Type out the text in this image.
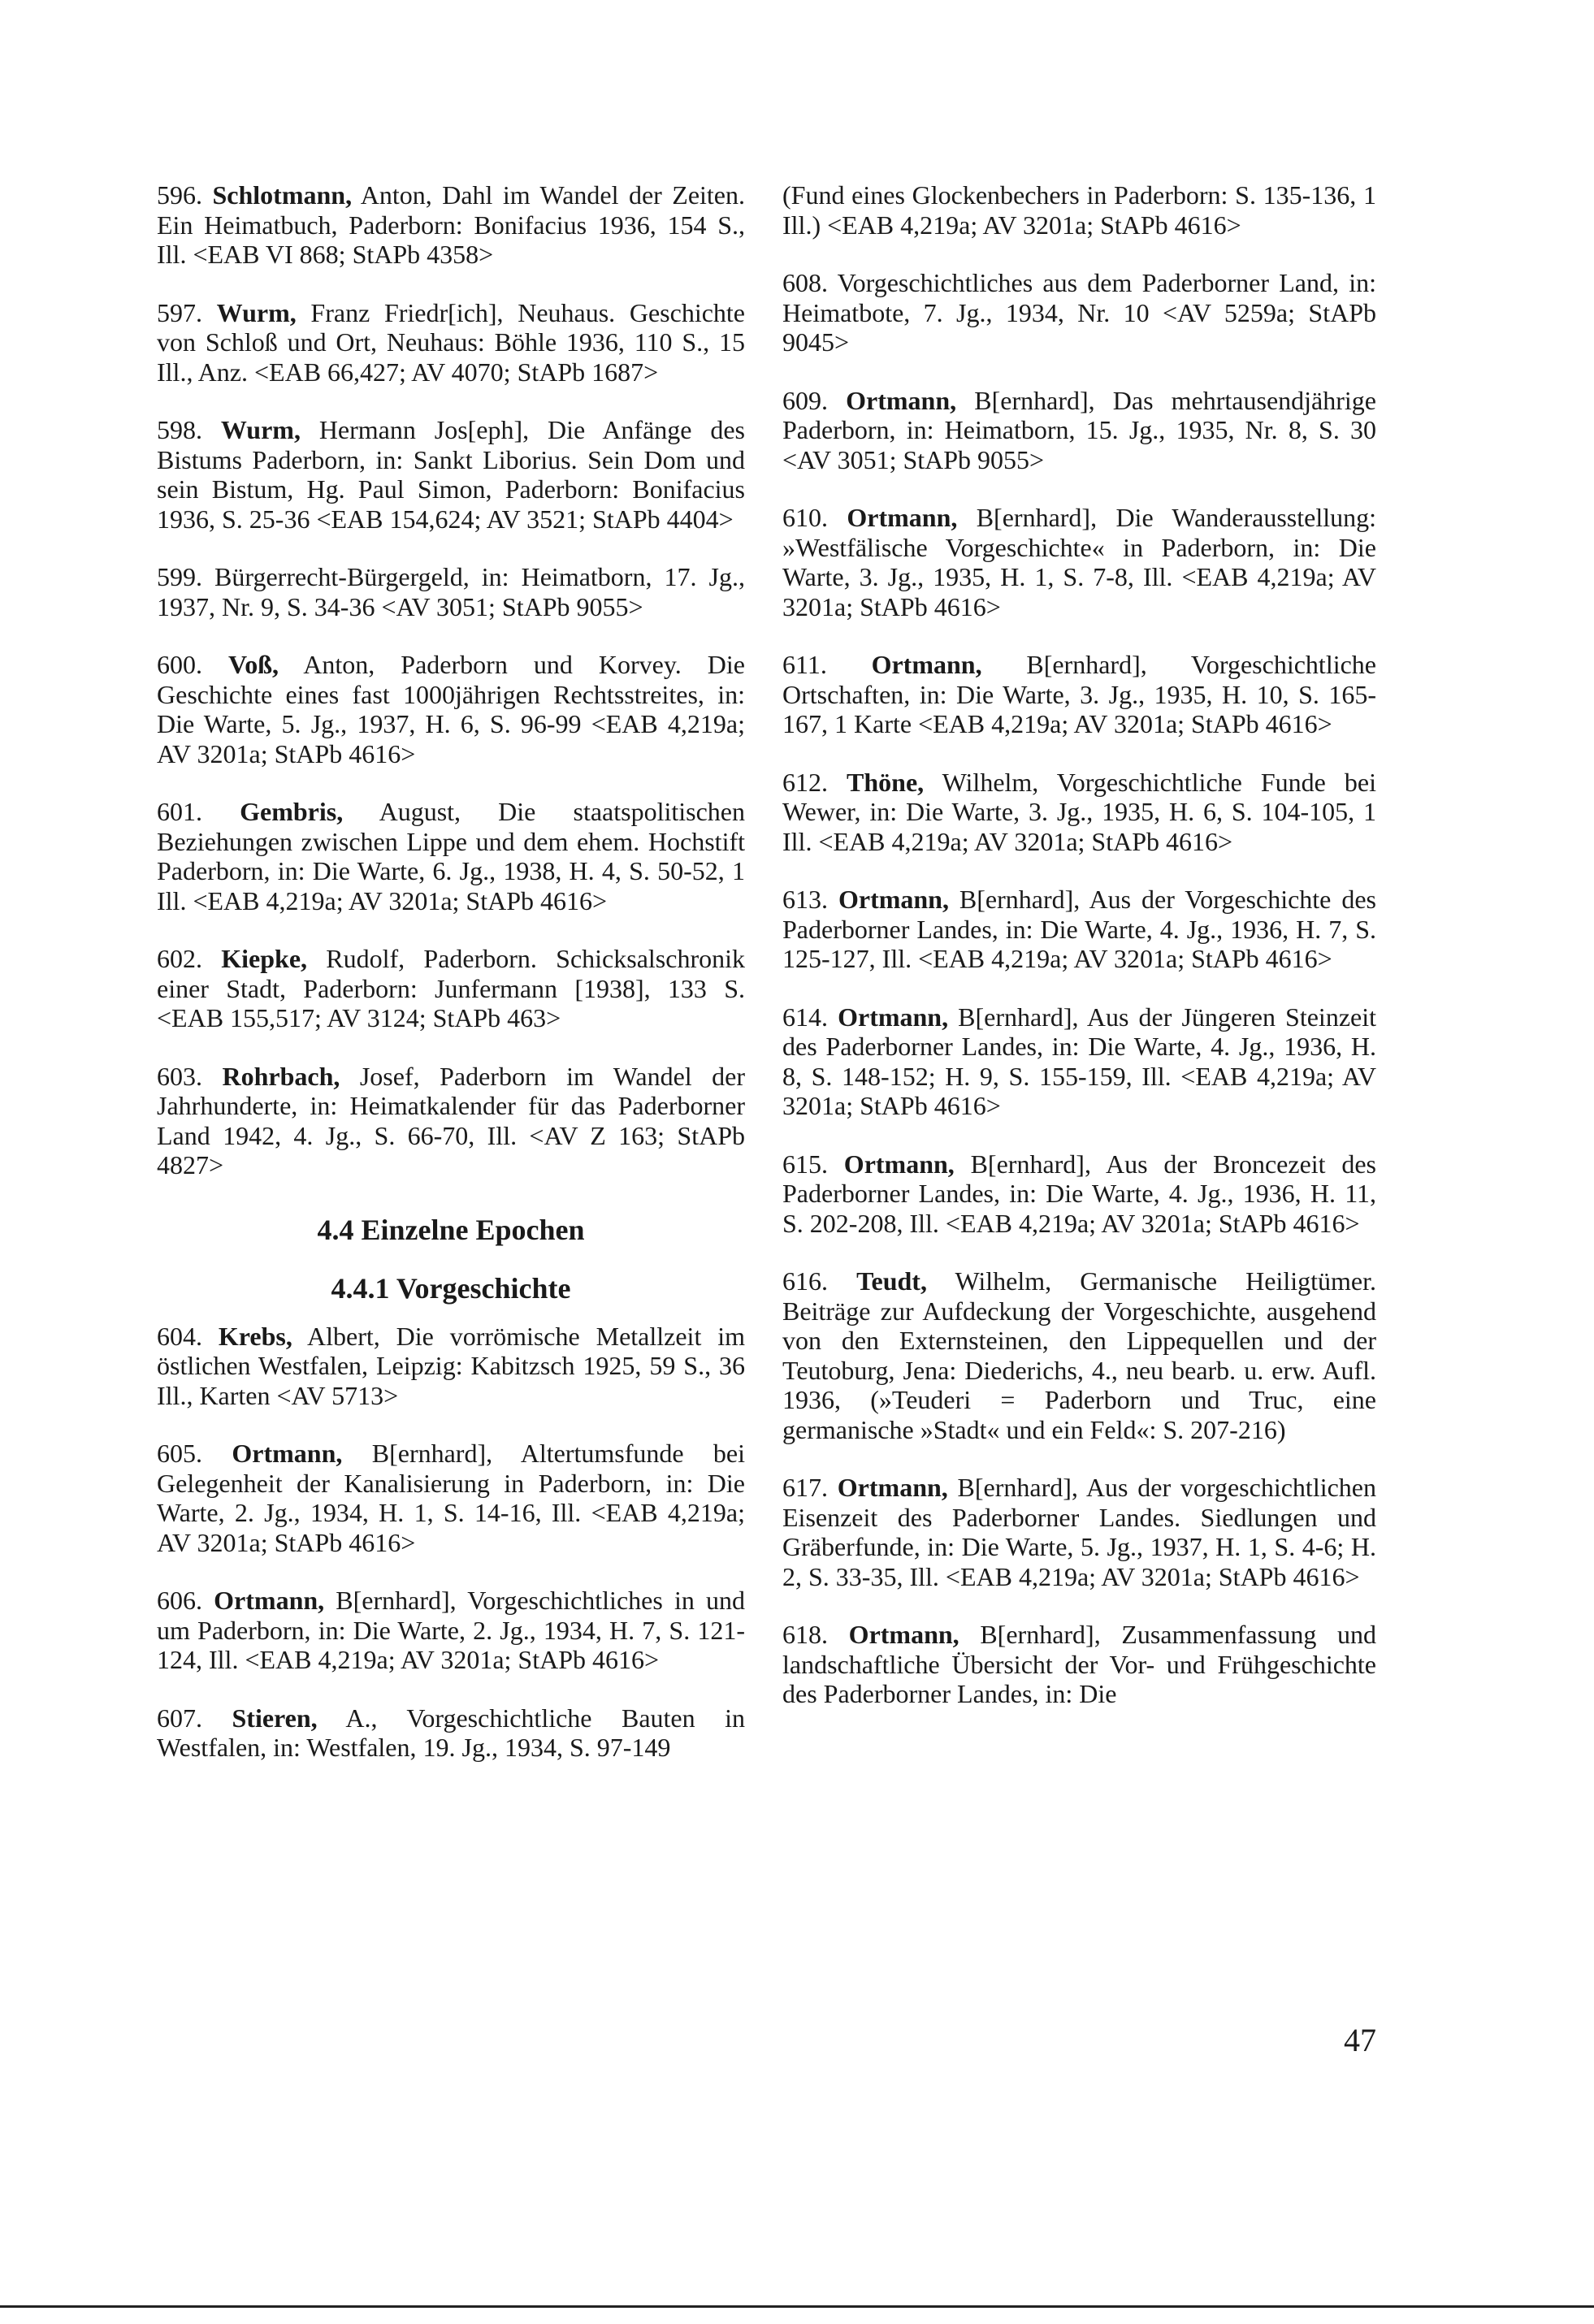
596. Schlotmann, Anton, Dahl im Wandel der Zeiten. Ein Heimatbuch, Paderborn: Bonifacius 1936, 154 S., Ill. <EAB VI 868; StAPb 4358>

597. Wurm, Franz Friedr[ich], Neuhaus. Geschichte von Schloß und Ort, Neuhaus: Böhle 1936, 110 S., 15 Ill., Anz. <EAB 66,427; AV 4070; StAPb 1687>

598. Wurm, Hermann Jos[eph], Die Anfänge des Bistums Paderborn, in: Sankt Liborius. Sein Dom und sein Bistum, Hg. Paul Simon, Paderborn: Bonifacius 1936, S. 25-36 <EAB 154,624; AV 3521; StAPb 4404>

599. Bürgerrecht-Bürgergeld, in: Heimatborn, 17. Jg., 1937, Nr. 9, S. 34-36 <AV 3051; StAPb 9055>

600. Voß, Anton, Paderborn und Korvey. Die Geschichte eines fast 1000jährigen Rechtsstreites, in: Die Warte, 5. Jg., 1937, H. 6, S. 96-99 <EAB 4,219a; AV 3201a; StAPb 4616>

601. Gembris, August, Die staatspolitischen Beziehungen zwischen Lippe und dem ehem. Hochstift Paderborn, in: Die Warte, 6. Jg., 1938, H. 4, S. 50-52, 1 Ill. <EAB 4,219a; AV 3201a; StAPb 4616>

602. Kiepke, Rudolf, Paderborn. Schicksalschronik einer Stadt, Paderborn: Junfermann [1938], 133 S. <EAB 155,517; AV 3124; StAPb 463>

603. Rohrbach, Josef, Paderborn im Wandel der Jahrhunderte, in: Heimatkalender für das Paderborner Land 1942, 4. Jg., S. 66-70, Ill. <AV Z 163; StAPb 4827>

4.4 Einzelne Epochen
4.4.1 Vorgeschichte

604. Krebs, Albert, Die vorrömische Metallzeit im östlichen Westfalen, Leipzig: Kabitzsch 1925, 59 S., 36 Ill., Karten <AV 5713>

605. Ortmann, B[ernhard], Altertumsfunde bei Gelegenheit der Kanalisierung in Paderborn, in: Die Warte, 2. Jg., 1934, H. 1, S. 14-16, Ill. <EAB 4,219a; AV 3201a; StAPb 4616>

606. Ortmann, B[ernhard], Vorgeschichtliches in und um Paderborn, in: Die Warte, 2. Jg., 1934, H. 7, S. 121-124, Ill. <EAB 4,219a; AV 3201a; StAPb 4616>

607. Stieren, A., Vorgeschichtliche Bauten in Westfalen, in: Westfalen, 19. Jg., 1934, S. 97-149

(Fund eines Glockenbechers in Paderborn: S. 135-136, 1 Ill.) <EAB 4,219a; AV 3201a; StAPb 4616>

608. Vorgeschichtliches aus dem Paderborner Land, in: Heimatbote, 7. Jg., 1934, Nr. 10 <AV 5259a; StAPb 9045>

609. Ortmann, B[ernhard], Das mehrtausendjährige Paderborn, in: Heimatborn, 15. Jg., 1935, Nr. 8, S. 30 <AV 3051; StAPb 9055>

610. Ortmann, B[ernhard], Die Wanderausstellung: »Westfälische Vorgeschichte« in Paderborn, in: Die Warte, 3. Jg., 1935, H. 1, S. 7-8, Ill. <EAB 4,219a; AV 3201a; StAPb 4616>

611. Ortmann, B[ernhard], Vorgeschichtliche Ortschaften, in: Die Warte, 3. Jg., 1935, H. 10, S. 165-167, 1 Karte <EAB 4,219a; AV 3201a; StAPb 4616>

612. Thöne, Wilhelm, Vorgeschichtliche Funde bei Wewer, in: Die Warte, 3. Jg., 1935, H. 6, S. 104-105, 1 Ill. <EAB 4,219a; AV 3201a; StAPb 4616>

613. Ortmann, B[ernhard], Aus der Vorgeschichte des Paderborner Landes, in: Die Warte, 4. Jg., 1936, H. 7, S. 125-127, Ill. <EAB 4,219a; AV 3201a; StAPb 4616>

614. Ortmann, B[ernhard], Aus der Jüngeren Steinzeit des Paderborner Landes, in: Die Warte, 4. Jg., 1936, H. 8, S. 148-152; H. 9, S. 155-159, Ill. <EAB 4,219a; AV 3201a; StAPb 4616>

615. Ortmann, B[ernhard], Aus der Broncezeit des Paderborner Landes, in: Die Warte, 4. Jg., 1936, H. 11, S. 202-208, Ill. <EAB 4,219a; AV 3201a; StAPb 4616>

616. Teudt, Wilhelm, Germanische Heiligtümer. Beiträge zur Aufdeckung der Vorgeschichte, ausgehend von den Externsteinen, den Lippequellen und der Teutoburg, Jena: Diederichs, 4., neu bearb. u. erw. Aufl. 1936, (»Teuderi = Paderborn und Truc, eine germanische »Stadt« und ein Feld«: S. 207-216)

617. Ortmann, B[ernhard], Aus der vorgeschichtlichen Eisenzeit des Paderborner Landes. Siedlungen und Gräberfunde, in: Die Warte, 5. Jg., 1937, H. 1, S. 4-6; H. 2, S. 33-35, Ill. <EAB 4,219a; AV 3201a; StAPb 4616>

618. Ortmann, B[ernhard], Zusammenfassung und landschaftliche Übersicht der Vor- und Frühgeschichte des Paderborner Landes, in: Die

47
